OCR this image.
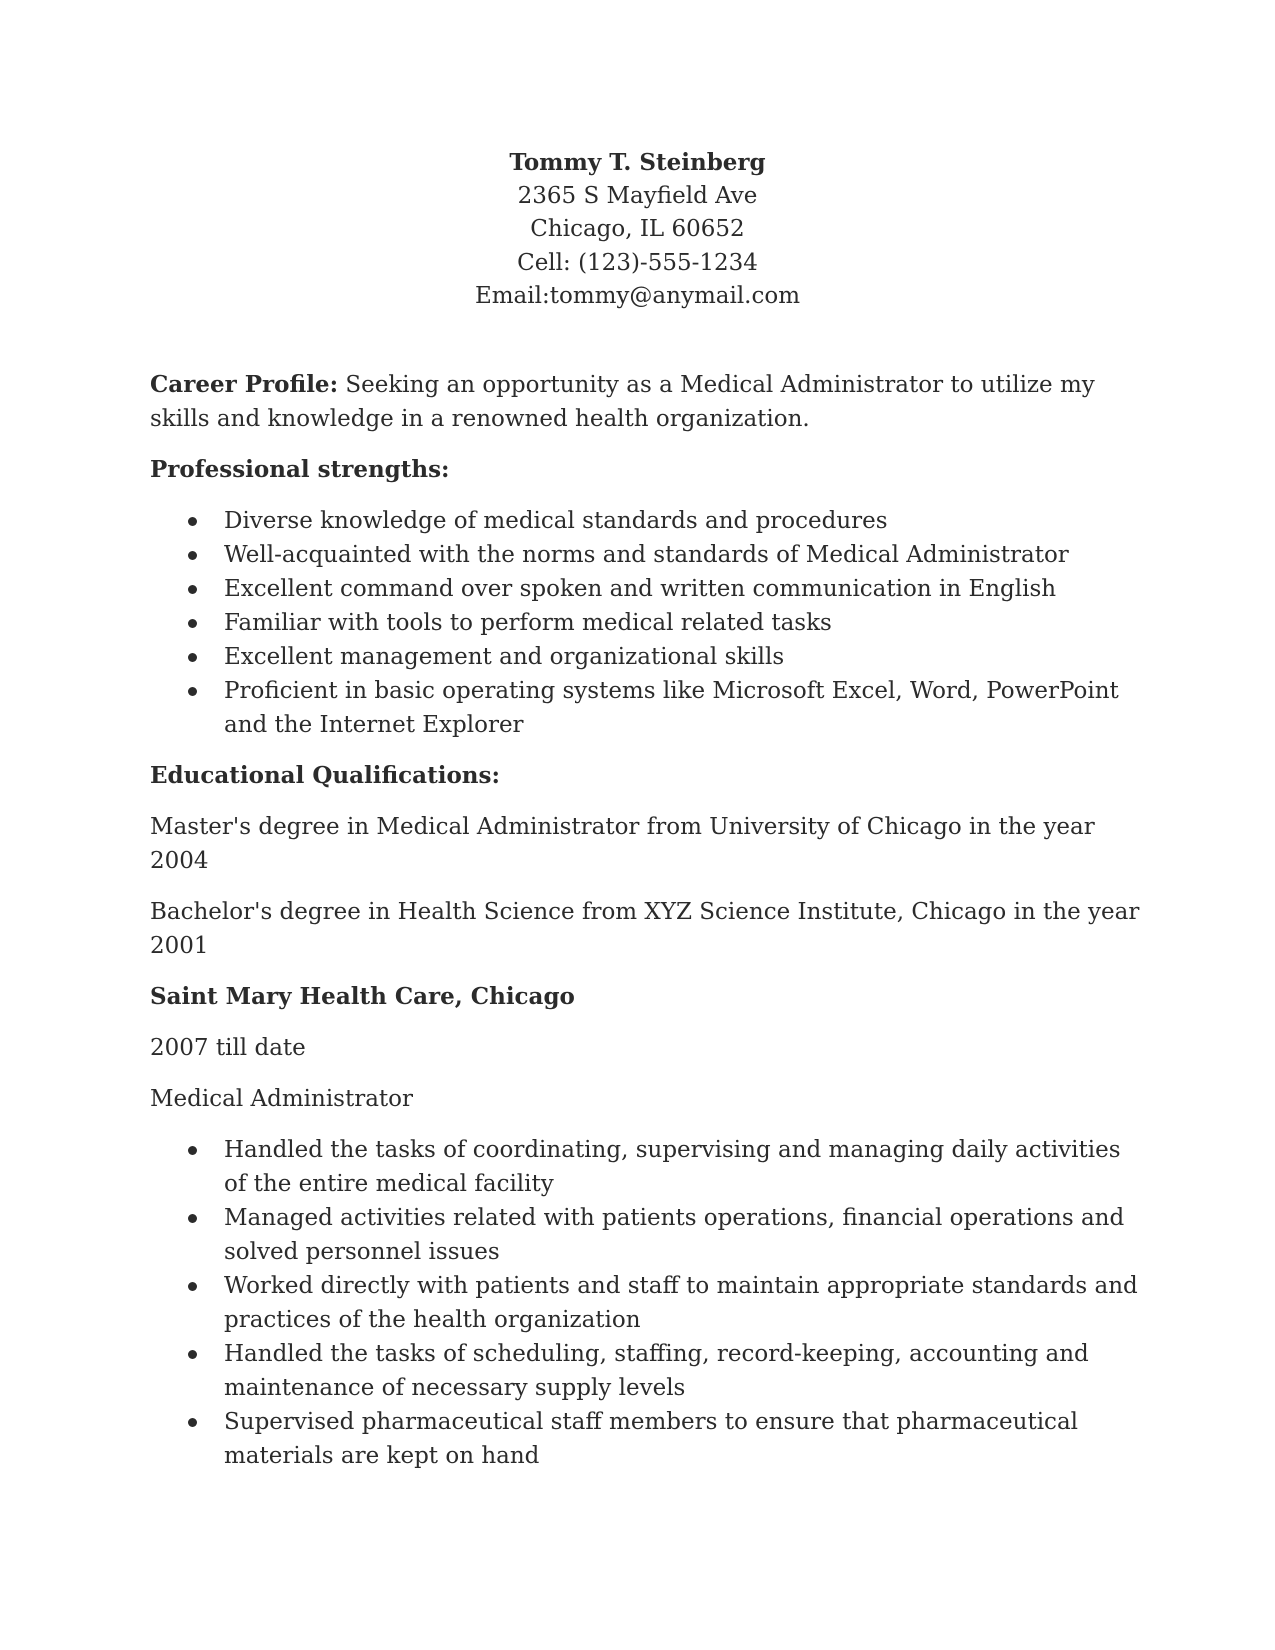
Tommy T. Steinberg
2365 S Mayfield Ave
Chicago, IL 60652
Cell: (123)-555-1234
Email:tommy@anymail.com

Career Profile: Seeking an opportunity as a Medical Administrator to utilize my skills and knowledge in a renowned health organization.

Professional strengths:
Diverse knowledge of medical standards and procedures
Well-acquainted with the norms and standards of Medical Administrator
Excellent command over spoken and written communication in English
Familiar with tools to perform medical related tasks
Excellent management and organizational skills
Proficient in basic operating systems like Microsoft Excel, Word, PowerPoint and the Internet Explorer
Educational Qualifications:

Master's degree in Medical Administrator from University of Chicago in the year 2004

Bachelor's degree in Health Science from XYZ Science Institute, Chicago in the year 2001

Saint Mary Health Care, Chicago

2007 till date

Medical Administrator

Handled the tasks of coordinating, supervising and managing daily activities of the entire medical facility
Managed activities related with patients operations, financial operations and solved personnel issues
Worked directly with patients and staff to maintain appropriate standards and practices of the health organization
Handled the tasks of scheduling, staffing, record-keeping, accounting and maintenance of necessary supply levels
Supervised pharmaceutical staff members to ensure that pharmaceutical materials are kept on hand
